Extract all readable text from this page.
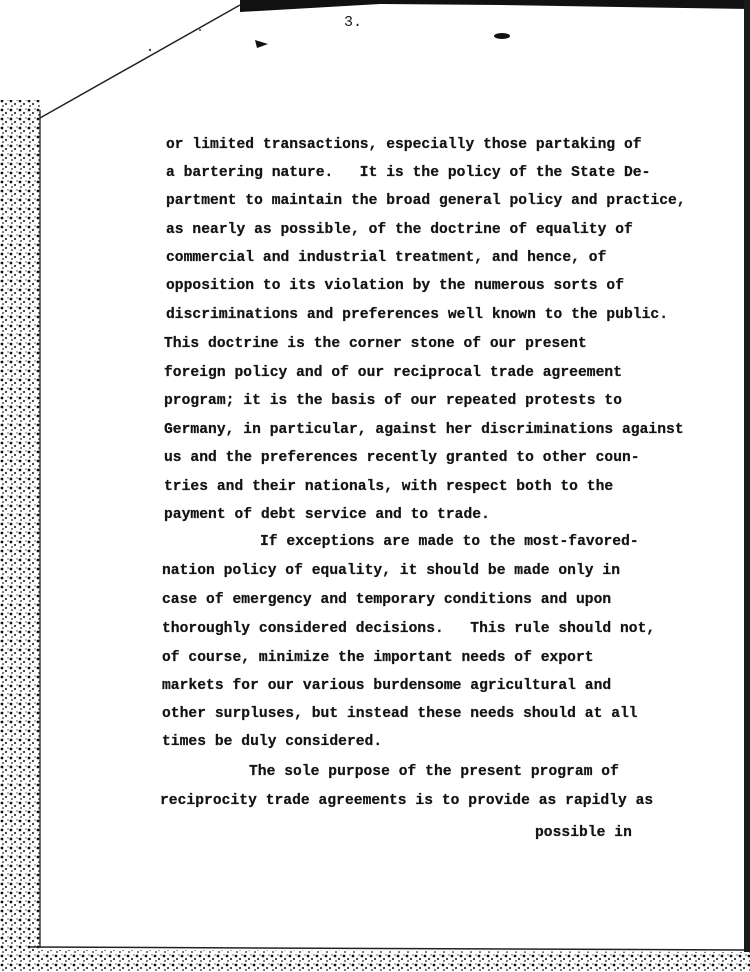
3.
or limited transactions, especially those partaking of
a bartering nature.   It is the policy of the State De-
partment to maintain the broad general policy and practice,
as nearly as possible, of the doctrine of equality of
commercial and industrial treatment, and hence, of
opposition to its violation by the numerous sorts of
discriminations and preferences well known to the public.
This doctrine is the corner stone of our present
foreign policy and of our reciprocal trade agreement
program; it is the basis of our repeated protests to
Germany, in particular, against her discriminations against
us and the preferences recently granted to other coun-
tries and their nationals, with respect both to the
payment of debt service and to trade.
If exceptions are made to the most-favored-
nation policy of equality, it should be made only in
case of emergency and temporary conditions and upon
thoroughly considered decisions.   This rule should not,
of course, minimize the important needs of export
markets for our various burdensome agricultural and
other surpluses, but instead these needs should at all
times be duly considered.
The sole purpose of the present program of
reciprocity trade agreements is to provide as rapidly as
possible in
